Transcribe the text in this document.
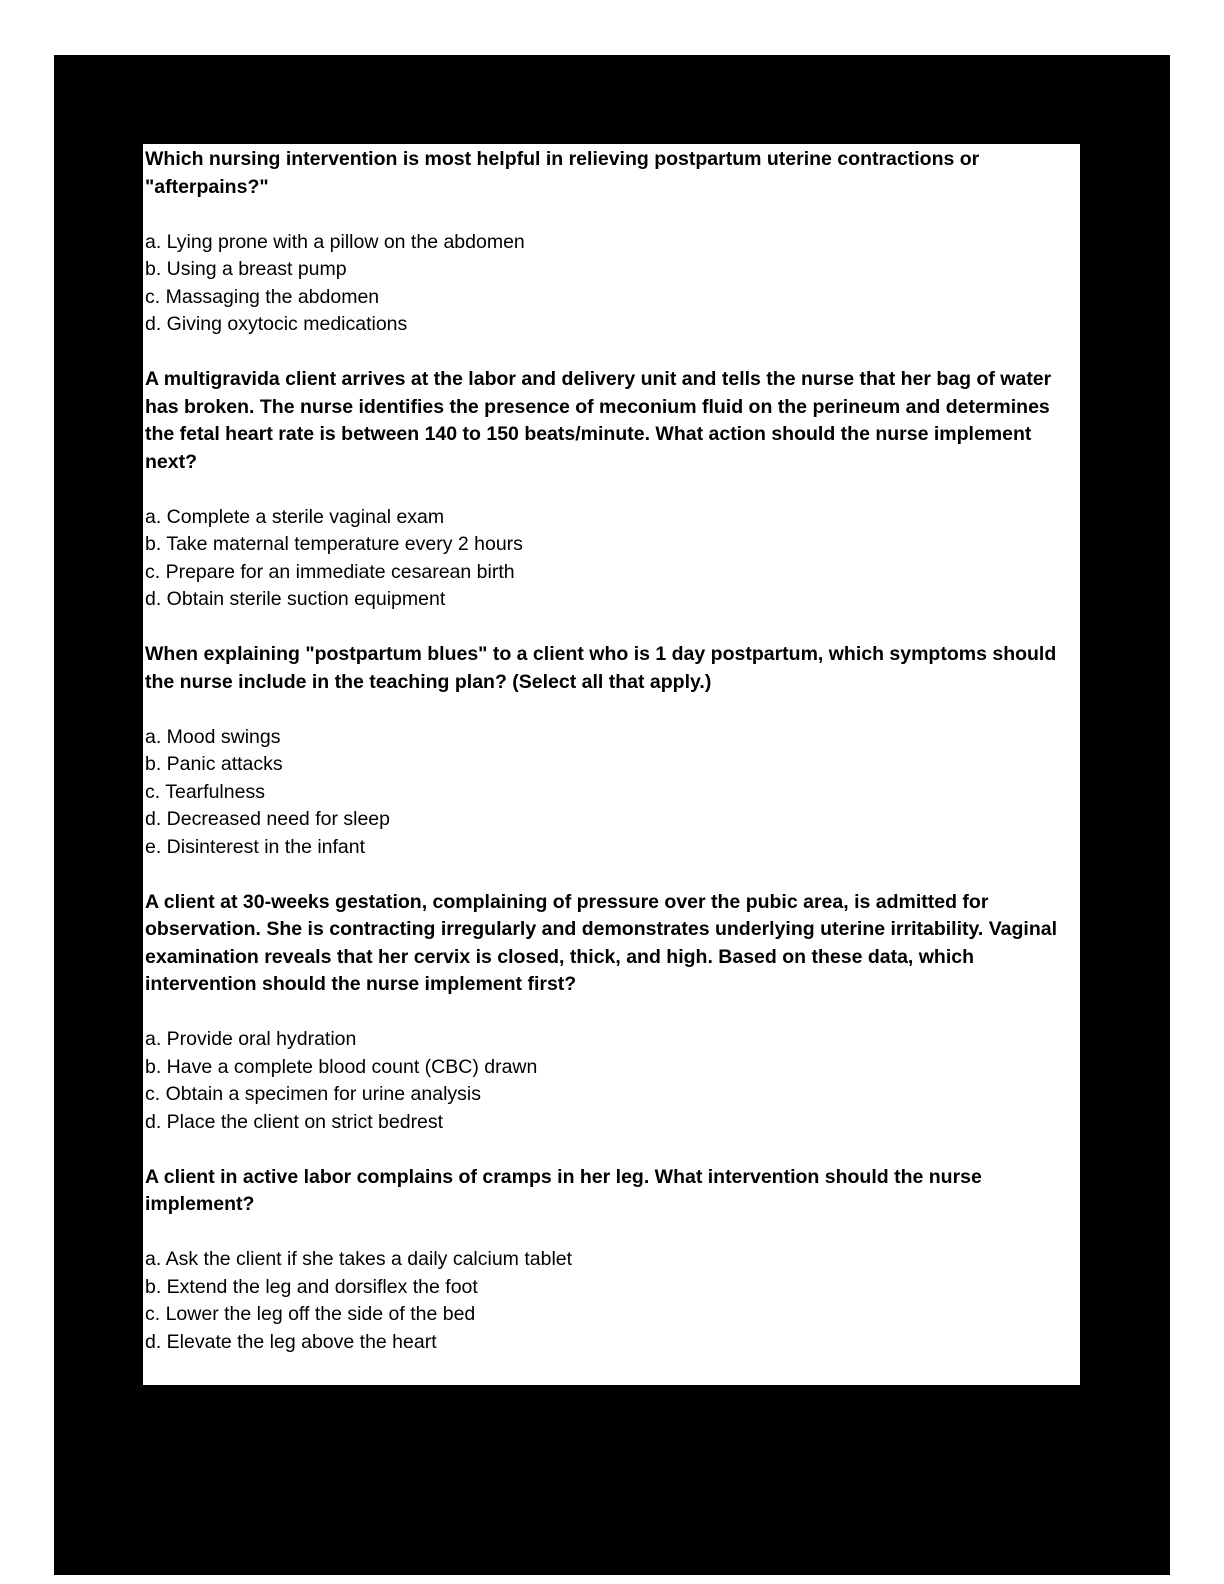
Which nursing intervention is most helpful in relieving postpartum uterine contractions or "afterpains?"

a. Lying prone with a pillow on the abdomen
b. Using a breast pump
c. Massaging the abdomen
d. Giving oxytocic medications

A multigravida client arrives at the labor and delivery unit and tells the nurse that her bag of water has broken. The nurse identifies the presence of meconium fluid on the perineum and determines the fetal heart rate is between 140 to 150 beats/minute. What action should the nurse implement next?

a. Complete a sterile vaginal exam
b. Take maternal temperature every 2 hours
c. Prepare for an immediate cesarean birth
d. Obtain sterile suction equipment

When explaining "postpartum blues" to a client who is 1 day postpartum, which symptoms should the nurse include in the teaching plan? (Select all that apply.)

a. Mood swings
b. Panic attacks
c. Tearfulness
d. Decreased need for sleep
e. Disinterest in the infant

A client at 30-weeks gestation, complaining of pressure over the pubic area, is admitted for observation. She is contracting irregularly and demonstrates underlying uterine irritability. Vaginal examination reveals that her cervix is closed, thick, and high. Based on these data, which intervention should the nurse implement first?

a. Provide oral hydration
b. Have a complete blood count (CBC) drawn
c. Obtain a specimen for urine analysis
d. Place the client on strict bedrest

A client in active labor complains of cramps in her leg. What intervention should the nurse implement?

a. Ask the client if she takes a daily calcium tablet
b. Extend the leg and dorsiflex the foot
c. Lower the leg off the side of the bed
d. Elevate the leg above the heart
